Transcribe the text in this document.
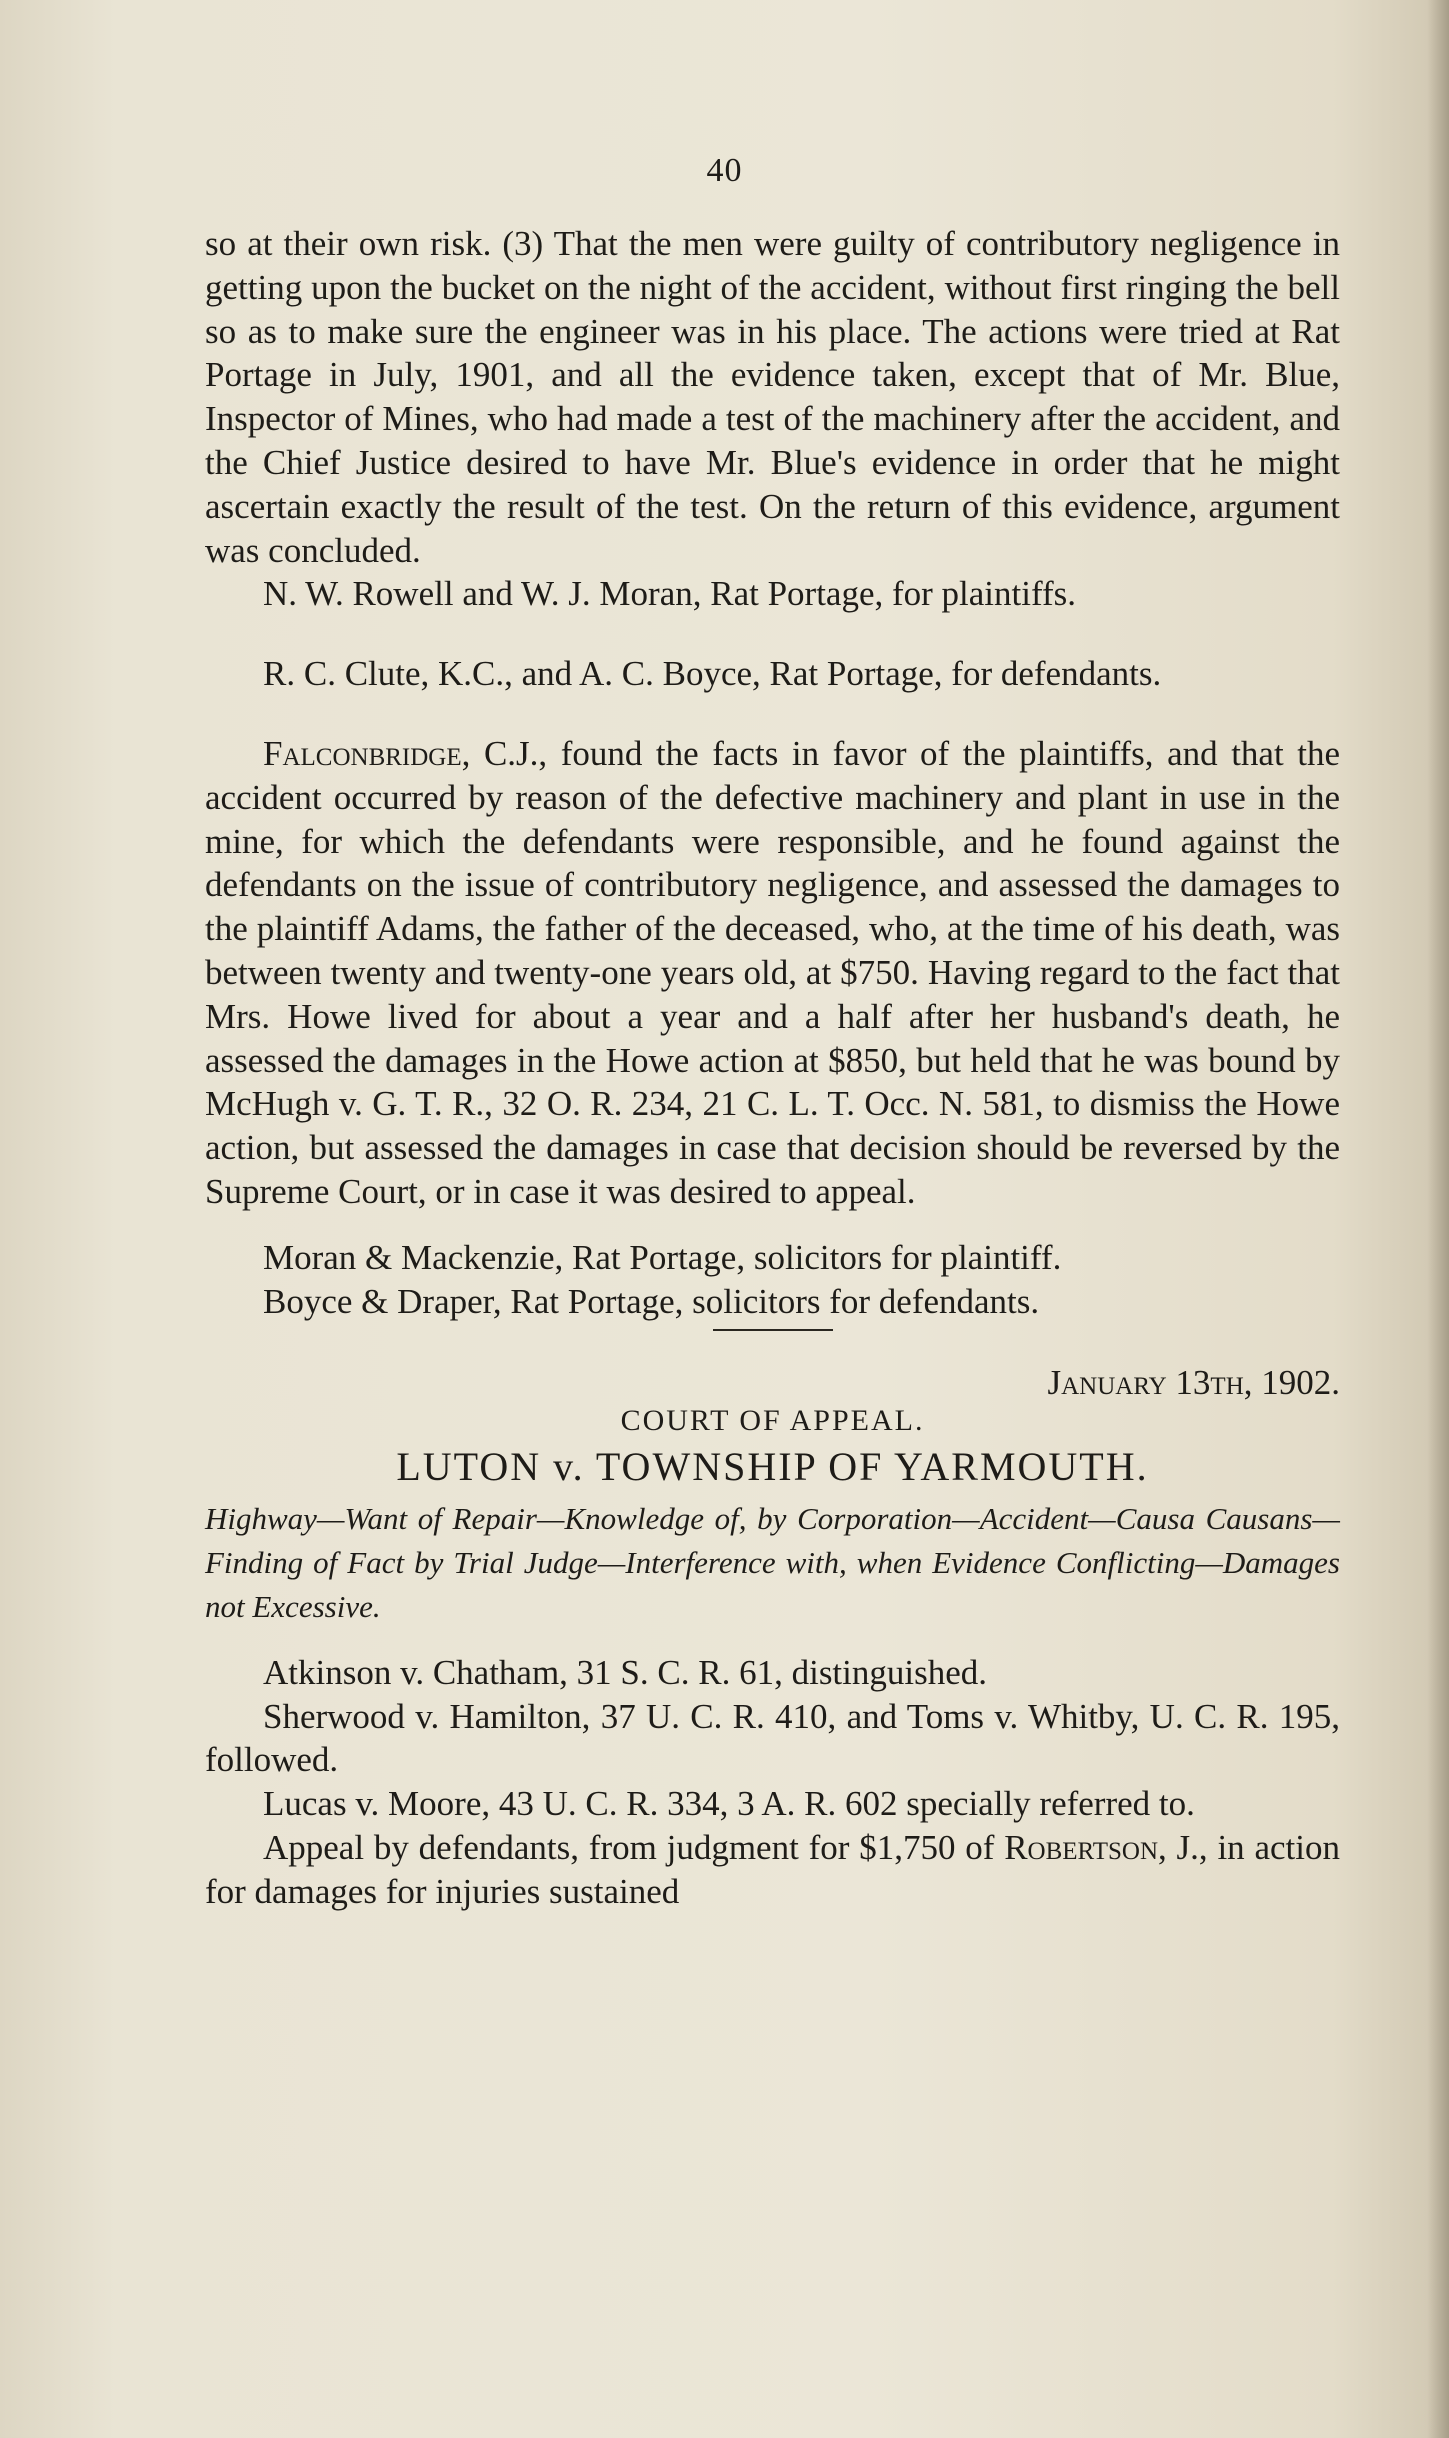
40

so at their own risk. (3) That the men were guilty of contributory negligence in getting upon the bucket on the night of the accident, without first ringing the bell so as to make sure the engineer was in his place. The actions were tried at Rat Portage in July, 1901, and all the evidence taken, except that of Mr. Blue, Inspector of Mines, who had made a test of the machinery after the accident, and the Chief Justice desired to have Mr. Blue's evidence in order that he might ascertain exactly the result of the test. On the return of this evidence, argument was concluded.

N. W. Rowell and W. J. Moran, Rat Portage, for plaintiffs.

R. C. Clute, K.C., and A. C. Boyce, Rat Portage, for defendants.

Falconbridge, C.J., found the facts in favor of the plaintiffs, and that the accident occurred by reason of the defective machinery and plant in use in the mine, for which the defendants were responsible, and he found against the defendants on the issue of contributory negligence, and assessed the damages to the plaintiff Adams, the father of the deceased, who, at the time of his death, was between twenty and twenty-one years old, at $750. Having regard to the fact that Mrs. Howe lived for about a year and a half after her husband's death, he assessed the damages in the Howe action at $850, but held that he was bound by McHugh v. G. T. R., 32 O. R. 234, 21 C. L. T. Occ. N. 581, to dismiss the Howe action, but assessed the damages in case that decision should be reversed by the Supreme Court, or in case it was desired to appeal.

Moran & Mackenzie, Rat Portage, solicitors for plaintiff.

Boyce & Draper, Rat Portage, solicitors for defendants.

January 13th, 1902.
COURT OF APPEAL.
LUTON v. TOWNSHIP OF YARMOUTH.

Highway—Want of Repair—Knowledge of, by Corporation—Accident—Causa Causans—Finding of Fact by Trial Judge—Interference with, when Evidence Conflicting—Damages not Excessive.

Atkinson v. Chatham, 31 S. C. R. 61, distinguished.

Sherwood v. Hamilton, 37 U. C. R. 410, and Toms v. Whitby, U. C. R. 195, followed.

Lucas v. Moore, 43 U. C. R. 334, 3 A. R. 602 specially referred to.

Appeal by defendants, from judgment for $1,750 of Robertson, J., in action for damages for injuries sustained
